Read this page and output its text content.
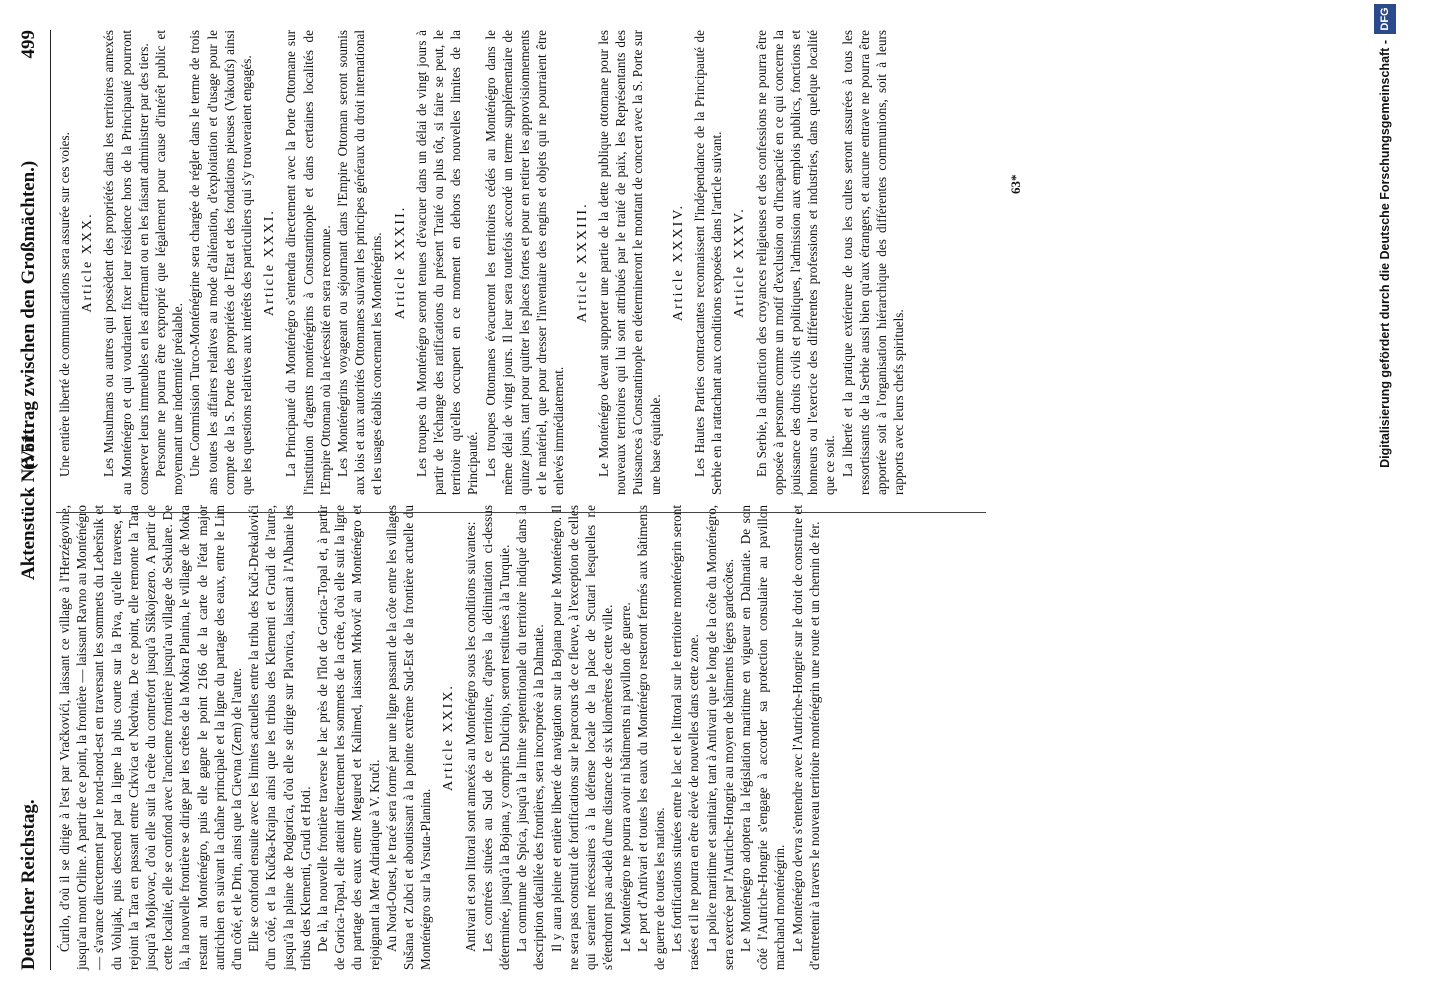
Deutscher Reichstag.
Aktenstück Nr. 51.
(Vertrag zwischen den Großmächten.)
499

Ćurilo, d'où il se dirige à l'est par Vračkovići, laissant ce village à l'Herzégovine, jusqu'au mont Orline. A partir de ce point, la frontière — laissant Ravno au Monténégro — s'avance directement par le nord-nord-est en traversant les sommets du Leberšnik et du Volujak, puis descend par la ligne la plus courte sur la Piva, qu'elle traverse, et rejoint la Tara en passant entre Crkvica et Nedvina. De ce point, elle remonte la Tara jusqu'à Mojkovac, d'où elle suit la crête du contrefort jusqu'à Siškojezero. A partir de cette localité, elle se confond avec l'ancienne frontière jusqu'au village de Sekulare. De là, la nouvelle frontière se dirige par les crêtes de la Mokra Planina, le village de Mokra restant au Monténégro, puis elle gagne le point 2166 de la carte de l'état major autrichien en suivant la chaîne principale et la ligne du partage des eaux, entre le Lim d'un côté, et le Drin, ainsi que la Cievna (Zem) de l'autre. Elle se confond ensuite avec les limites actuelles entre la tribu des Kuči-Drekalovići d'un côté, et la Kučka-Krajna ainsi que les tribus des Klementi et Grudi de l'autre, jusqu'à la plaine de Podgorica, d'où elle se dirige sur Plavnica, laissant à l'Albanie les tribus des Klementi, Grudi et Hoti. De là, la nouvelle frontière traverse le lac près de l'îlot de Gorica-Topal et, à partir de Gorica-Topal, elle atteint directement les sommets de la crête, d'où elle suit la ligne du partage des eaux entre Megured et Kalimed, laissant Mrkovič au Monténégro et rejoignant la Mer Adriatique à V. Kruči. Au Nord-Ouest, le tracé sera formé par une ligne passant de la côte entre les villages Sušana et Zubci et aboutissant à la pointe extrême Sud-Est de la frontière actuelle du Monténégro sur la Vrsuta-Planina.

Article XXIX. Antivari et son littoral sont annexés au Monténégro sous les conditions suivantes: Les contrées situées au Sud de ce territoire, d'après la délimitation ci-dessus déterminée, jusqu'à la Bojana, y compris Dulcinjo, seront restituées à la Turquie. La commune de Spica, jusqu'à la limite septentrionale du territoire indiqué dans la description détaillée des frontières, sera incorporée à la Dalmatie. Il y aura pleine et entière liberté de navigation sur la Bojana pour le Monténégro. Il ne sera pas construit de fortifications sur le parcours de ce fleuve, à l'exception de celles qui seraient nécessaires à la défense locale de la place de Scutari lesquelles ne s'étendront pas au-delà d'une distance de six kilomètres de cette ville. Le Monténégro ne pourra avoir ni bâtiments ni pavillon de guerre. Le port d'Antivari et toutes les eaux du Monténégro resteront fermés aux bâtiments de guerre de toutes les nations. Les fortifications situées entre le lac et le littoral sur le territoire monténégrin seront rasées et il ne pourra en être élevé de nouvelles dans cette zone. La police maritime et sanitaire, tant à Antivari que le long de la côte du Monténégro, sera exercée par l'Autriche-Hongrie au moyen de bâtiments légers gardecôtes. Le Monténégro adoptera la législation maritime en vigueur en Dalmatie. De son côté l'Autriche-Hongrie s'engage à accorder sa protection consulaire au pavillon marchand monténégrin. Le Monténégro devra s'entendre avec l'Autriche-Hongrie sur le droit de construire et d'entretenir à travers le nouveau territoire monténégrin une route et un chemin de fer.

Une entière liberté de communications sera assurée sur ces voies. Article XXX. Les Musulmans ou autres qui possèdent des propriétés dans les territoires annexés au Monténégro et qui voudraient fixer leur résidence hors de la Principauté pourront conserver leurs immeubles en les affermant ou en les faisant administrer par des tiers. Personne ne pourra être exproprié que légalement pour cause d'intérêt public et moyennant une indemnité préalable. Une Commission Turco-Monténégrine sera chargée de régler dans le terme de trois ans toutes les affaires relatives au mode d'aliénation, d'exploitation et d'usage pour le compte de la S. Porte des propriétés de l'Etat et des fondations pieuses (Vakoufs) ainsi que les questions relatives aux intérêts des particuliers qui s'y trouveraient engagés. Article XXXI. La Principauté du Monténégro s'entendra directement avec la Porte Ottomane sur l'institution d'agents monténégrins à Constantinople et dans certaines localités de l'Empire Ottoman où la nécessité en sera reconnue. Les Monténégrins voyageant ou séjournant dans l'Empire Ottoman seront soumis aux lois et aux autorités Ottomanes suivant les principes généraux du droit international et les usages établis concernant les Monténégrins. Article XXXII. Les troupes du Monténégro seront tenues d'évacuer dans un délai de vingt jours à partir de l'échange des ratifications du présent Traité ou plus tôt, si faire se peut, le territoire qu'elles occupent en ce moment en dehors des nouvelles limites de la Principauté. Les troupes Ottomanes évacueront les territoires cédés au Monténégro dans le même délai de vingt jours. Il leur sera toutefois accordé un terme supplémentaire de quinze jours, tant pour quitter les places fortes et pour en retirer les approvisionnements et le matériel, que pour dresser l'inventaire des engins et objets qui ne pourraient être enlevés immédiatement.

Article XXXIII. Le Monténégro devant supporter une partie de la dette publique ottomane pour les nouveaux territoires qui lui sont attribués par le traité de paix, les Représentants des Puissances à Constantinople en détermineront le montant de concert avec la S. Porte sur une base équitable.

Article XXXIV. Les Hautes Parties contractantes reconnaissent l'indépendance de la Principauté de Serbie en la rattachant aux conditions exposées dans l'article suivant. Article XXXV. En Serbie, la distinction des croyances religieuses et des confessions ne pourra être opposée à personne comme un motif d'exclusion ou d'incapacité en ce qui concerne la jouissance des droits civils et politiques, l'admission aux emplois publics, fonctions et honneurs ou l'exercice des différentes professions et industries, dans quelque localité que ce soit. La liberté et la pratique extérieure de tous les cultes seront assurées à tous les ressortissants de la Serbie aussi bien qu'aux étrangers, et aucune entrave ne pourra être apportée soit à l'organisation hiérarchique des différentes communions, soit à leurs rapports avec leurs chefs spirituels.

63*	Digitalisierung gefördert durch die Deutsche Forschungsgemeinschaft -
DFG
